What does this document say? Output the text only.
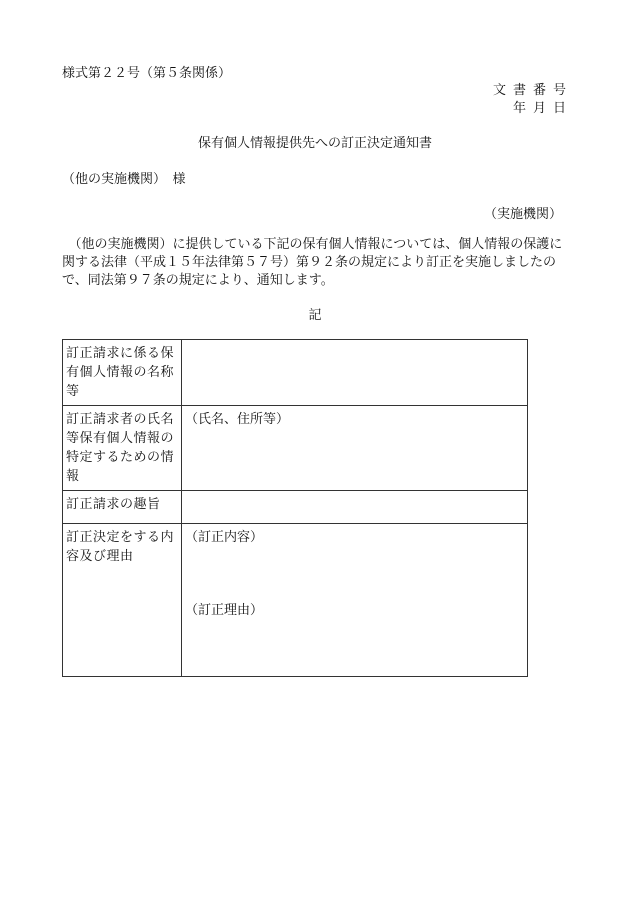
様式第２２号（第５条関係）
文書番号
年月日
保有個人情報提供先への訂正決定通知書
（他の実施機関）　様
（実施機関）

　（他の実施機関）に提供している下記の保有個人情報については、個人情報の保護に関する法律（平成１５年法律第５７号）第９２条の規定により訂正を実施しましたので、同法第９７条の規定により、通知します。

記
訂正請求に係る保有個人情報の名称等	
訂正請求者の氏名等保有個人情報の特定するための情報	（氏名、住所等）

訂正請求の趣旨	
訂正決定をする内容及び理由	（訂正内容）
（訂正理由）
